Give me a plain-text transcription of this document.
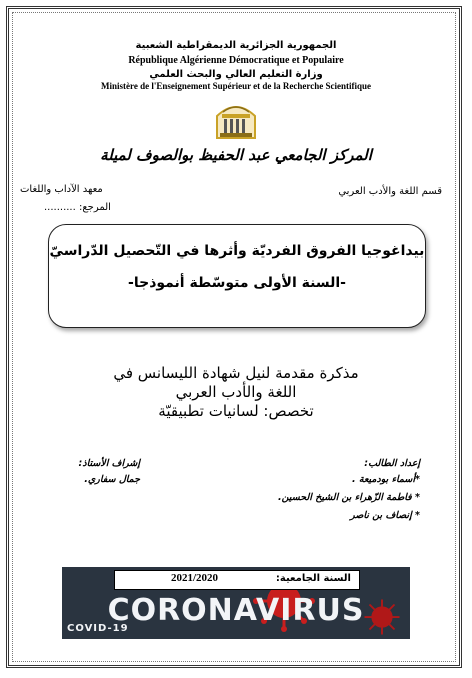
الجمهورية الجزائرية الديمقراطية الشعبية
République Algérienne Démocratique et Populaire
وزارة التعليم العالي والبحث العلمي
Ministère de l'Enseignement Supérieur et de la Recherche Scientifique
المركز الجامعي عبد الحفيظ بوالصوف لميلة
معهد الآداب واللغات	قسم اللغة والأدب العربي
المرجع: ..........
بيداغوجيا الفروق الفرديّة وأثرها في التّحصيل الدّراسيّ
-السنة الأولى متوسّطة أنموذجا-
مذكرة مقدمة لنيل شهادة الليسانس في
اللغة والأدب العربي
تخصص: لسانيات تطبيقيّة
إشراف الأستاذ:
جمال سفاري.
إعداد الطالب:
*أسماء بودميعة .
* فاطمة الزّهراء بن الشيخ الحسين.
* إنصاف بن ناصر
CORONAVIRUS
COVID-19
2021/2020	السنة الجامعية:
